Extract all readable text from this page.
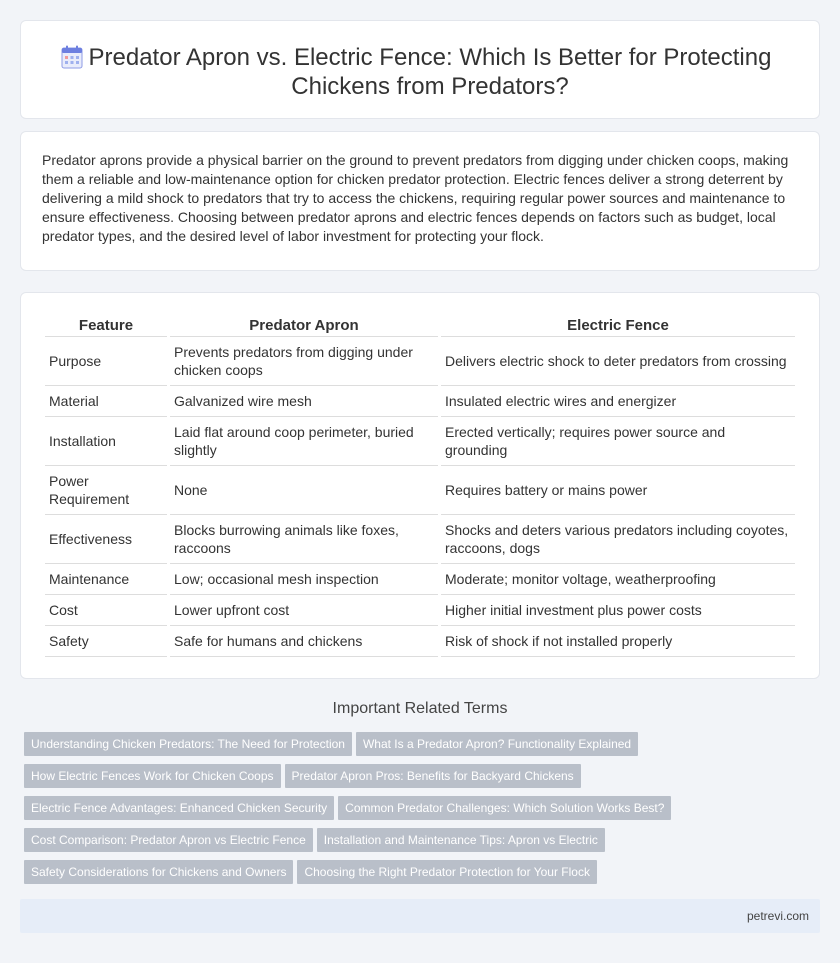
Predator Apron vs. Electric Fence: Which Is Better for Protecting Chickens from Predators?

Predator aprons provide a physical barrier on the ground to prevent predators from digging under chicken coops, making them a reliable and low-maintenance option for chicken predator protection. Electric fences deliver a strong deterrent by delivering a mild shock to predators that try to access the chickens, requiring regular power sources and maintenance to ensure effectiveness. Choosing between predator aprons and electric fences depends on factors such as budget, local predator types, and the desired level of labor investment for protecting your flock.

Feature	Predator Apron	Electric Fence
Purpose	Prevents predators from digging under chicken coops	Delivers electric shock to deter predators from crossing
Material	Galvanized wire mesh	Insulated electric wires and energizer
Installation	Laid flat around coop perimeter, buried slightly	Erected vertically; requires power source and grounding
Power Requirement	None	Requires battery or mains power
Effectiveness	Blocks burrowing animals like foxes, raccoons	Shocks and deters various predators including coyotes, raccoons, dogs
Maintenance	Low; occasional mesh inspection	Moderate; monitor voltage, weatherproofing
Cost	Lower upfront cost	Higher initial investment plus power costs
Safety	Safe for humans and chickens	Risk of shock if not installed properly
Important Related Terms
Understanding Chicken Predators: The Need for Protection What Is a Predator Apron? Functionality Explained
How Electric Fences Work for Chicken Coops Predator Apron Pros: Benefits for Backyard Chickens
Electric Fence Advantages: Enhanced Chicken Security Common Predator Challenges: Which Solution Works Best?
Cost Comparison: Predator Apron vs Electric Fence Installation and Maintenance Tips: Apron vs Electric
Safety Considerations for Chickens and Owners Choosing the Right Predator Protection for Your Flock
petrevi.com
